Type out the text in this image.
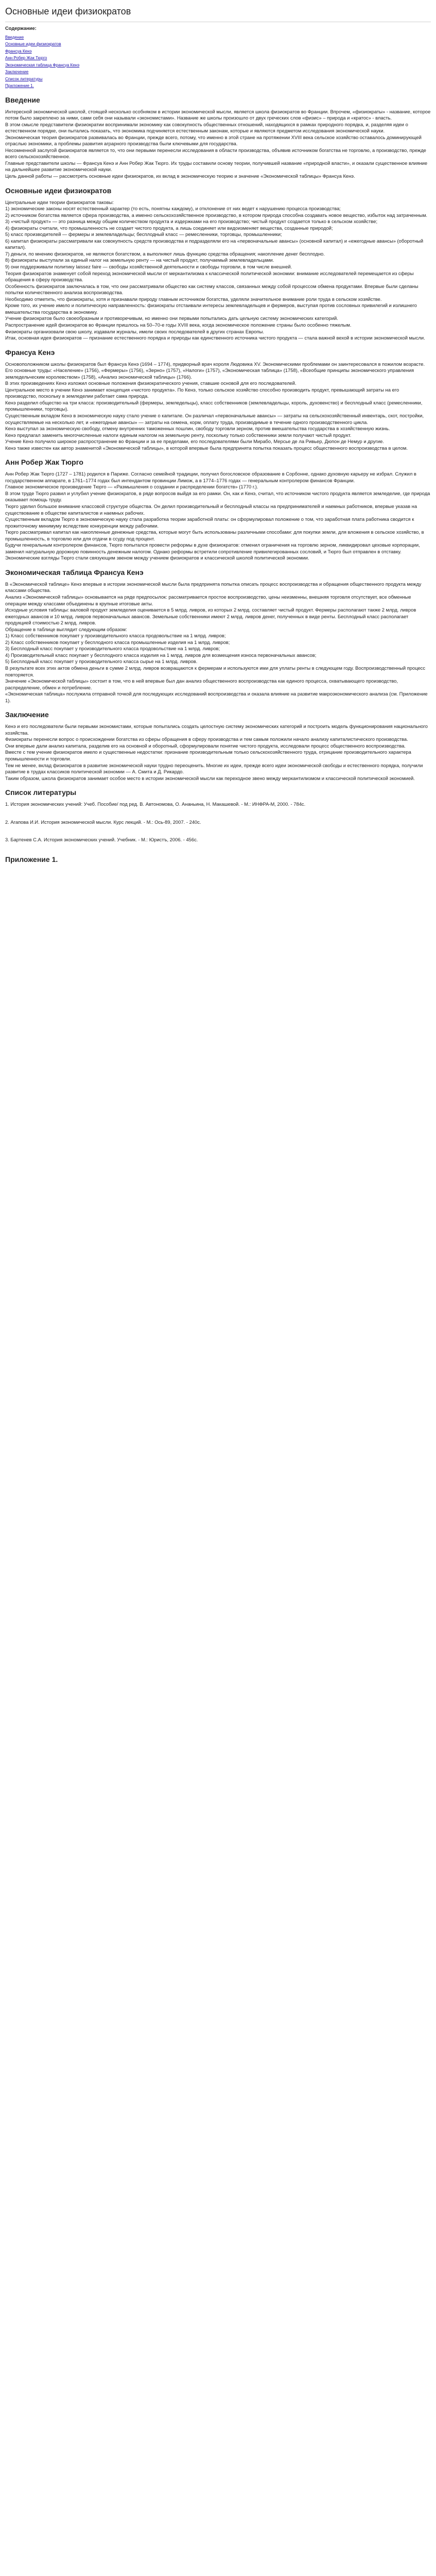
Основные идеи физиократов
Содержание:
Введение
Основные идеи физиократов
Франсуа Кенэ
Анн Робер Жак Тюрго
Экономическая таблица Франсуа Кенэ
Заключение
Список литературы
Приложение 1.
Введение

Интересной экономической школой, стоящей несколько особняком в истории экономической мысли, является школа физиократов во Франции. Впрочем, «физиократы» - название, которое потом было закреплено за ними, сами себя они называли «экономистами». Название же школы произошло от двух греческих слов «физис» – природа и «кратос» - власть.

В этом смысле представители физиократии воспринимали экономику как совокупность общественных отношений, находящихся в рамках природного порядка, и, разделяя идеи о естественном порядке, они пытались показать, что экономика подчиняется естественным законам, которые и являются предметом исследования экономической науки.

Экономическая теория физиократов развивалась во Франции, прежде всего, потому, что именно в этой стране на протяжении XVIII века сельское хозяйство оставалось доминирующей отраслью экономики, а проблемы развития аграрного производства были ключевыми для государства.

Несомненной заслугой физиократов является то, что они первыми перенесли исследования в области производства, объявив источником богатства не торговлю, а производство, прежде всего сельскохозяйственное.

Главные представители школы — Франсуа Кенэ и Анн Робер Жак Тюрго. Их труды составили основу теории, получившей название «природной власти», и оказали существенное влияние на дальнейшее развитие экономической науки.

Цель данной работы — рассмотреть основные идеи физиократов, их вклад в экономическую теорию и значение «Экономической таблицы» Франсуа Кенэ.

Основные идеи физиократов

Центральные идеи теории физиократов таковы:

1) экономические законы носят естественный характер (то есть, понятны каждому), и отклонение от них ведет к нарушению процесса производства;

2) источником богатства является сфера производства, а именно сельскохозяйственное производство, в котором природа способна создавать новое вещество, избыток над затраченным.

3) «чистый продукт» — это разница между общим количеством продукта и издержками на его производство; чистый продукт создается только в сельском хозяйстве;

4) физиократы считали, что промышленность не создает чистого продукта, а лишь соединяет или видоизменяет вещества, созданные природой;

5) класс производителей — фермеры и землевладельцы; бесплодный класс — ремесленники, торговцы, промышленники;

6) капитал физиократы рассматривали как совокупность средств производства и подразделяли его на «первоначальные авансы» (основной капитал) и «ежегодные авансы» (оборотный капитал).

7) деньги, по мнению физиократов, не являются богатством, а выполняют лишь функцию средства обращения; накопление денег бесплодно.

8) физиократы выступали за единый налог на земельную ренту — на чистый продукт, получаемый землевладельцами.

9) они поддерживали политику laissez faire — свободы хозяйственной деятельности и свободы торговли, в том числе внешней.

Теория физиократов знаменует собой переход экономической мысли от меркантилизма к классической политической экономии: внимание исследователей перемещается из сферы обращения в сферу производства.

Особенность физиократов заключалась в том, что они рассматривали общество как систему классов, связанных между собой процессом обмена продуктами. Впервые были сделаны попытки количественного анализа воспроизводства.

Необходимо отметить, что физиократы, хотя и признавали природу главным источником богатства, уделяли значительное внимание роли труда в сельском хозяйстве.

Кроме того, их учение имело и политическую направленность: физиократы отстаивали интересы землевладельцев и фермеров, выступая против сословных привилегий и излишнего вмешательства государства в экономику.

Учение физиократов было своеобразным и противоречивым, но именно они первыми попытались дать цельную систему экономических категорий.

Распространение идей физиократов во Франции пришлось на 50–70-е годы XVIII века, когда экономическое положение страны было особенно тяжелым.

Физиократы организовали свою школу, издавали журналы, имели своих последователей в других странах Европы.

Итак, основная идея физиократов — признание естественного порядка и природы как единственного источника чистого продукта — стала важной вехой в истории экономической мысли.

Франсуа Кенэ

Основоположником школы физиократов был Франсуа Кенэ (1694 – 1774), придворный врач короля Людовика XV. Экономическими проблемами он заинтересовался в пожилом возрасте.

Его основные труды: «Население» (1756), «Фермеры» (1756), «Зерно» (1757), «Налоги» (1757), «Экономическая таблица» (1758), «Всеобщие принципы экономического управления земледельческим королевством» (1758), «Анализ экономической таблицы» (1766).

В этих произведениях Кенэ изложил основные положения физиократического учения, ставшие основой для его последователей.

Центральное место в учении Кенэ занимает концепция «чистого продукта». По Кенэ, только сельское хозяйство способно производить продукт, превышающий затраты на его производство, поскольку в земледелии работает сама природа.

Кенэ разделил общество на три класса: производительный (фермеры, земледельцы), класс собственников (землевладельцы, король, духовенство) и бесплодный класс (ремесленники, промышленники, торговцы).

Существенным вкладом Кенэ в экономическую науку стало учение о капитале. Он различал «первоначальные авансы» — затраты на сельскохозяйственный инвентарь, скот, постройки, осуществляемые на несколько лет, и «ежегодные авансы» — затраты на семена, корм, оплату труда, производимые в течение одного производственного цикла.

Кенэ выступал за экономическую свободу, отмену внутренних таможенных пошлин, свободу торговли зерном, против вмешательства государства в хозяйственную жизнь.

Кенэ предлагал заменить многочисленные налоги единым налогом на земельную ренту, поскольку только собственники земли получают чистый продукт.

Учение Кенэ получило широкое распространение во Франции и за ее пределами, его последователями были Мирабо, Мерсье де ла Ривьер, Дюпон де Немур и другие.

Кенэ также известен как автор знаменитой «Экономической таблицы», в которой впервые была предпринята попытка показать процесс общественного воспроизводства в целом.

Анн Робер Жак Тюрго

Анн Робер Жак Тюрго (1727 – 1781) родился в Париже. Согласно семейной традиции, получил богословское образование в Сорбонне, однако духовную карьеру не избрал. Служил в государственном аппарате, в 1761–1774 годах был интендантом провинции Лимож, а в 1774–1776 годах — генеральным контролером финансов Франции.

Главное экономическое произведение Тюрго — «Размышления о создании и распределении богатств» (1770 г.).

В этом труде Тюрго развил и углубил учение физиократов, в ряде вопросов выйдя за его рамки. Он, как и Кенэ, считал, что источником чистого продукта является земледелие, где природа оказывает помощь труду.

Тюрго уделил большое внимание классовой структуре общества. Он делил производительный и бесплодный классы на предпринимателей и наемных работников, впервые указав на существование в обществе капиталистов и наемных рабочих.

Существенным вкладом Тюрго в экономическую науку стала разработка теории заработной платы: он сформулировал положение о том, что заработная плата работника сводится к прожиточному минимуму вследствие конкуренции между рабочими.

Тюрго рассматривал капитал как накопленные денежные средства, которые могут быть использованы различными способами: для покупки земли, для вложения в сельское хозяйство, в промышленность, в торговлю или для отдачи в ссуду под процент.

Будучи генеральным контролером финансов, Тюрго попытался провести реформы в духе физиократов: отменил ограничения на торговлю зерном, ликвидировал цеховые корпорации, заменил натуральную дорожную повинность денежным налогом. Однако реформы встретили сопротивление привилегированных сословий, и Тюрго был отправлен в отставку.

Экономические взгляды Тюрго стали связующим звеном между учением физиократов и классической школой политической экономии.

Экономическая таблица Франсуа Кенэ

В «Экономической таблице» Кенэ впервые в истории экономической мысли была предпринята попытка описать процесс воспроизводства и обращения общественного продукта между классами общества.

Анализ «Экономической таблицы» основывается на ряде предпосылок: рассматривается простое воспроизводство, цены неизменны, внешняя торговля отсутствует, все обменные операции между классами объединены в крупные итоговые акты.

Исходные условия таблицы: валовой продукт земледелия оценивается в 5 млрд. ливров, из которых 2 млрд. составляет чистый продукт. Фермеры располагают также 2 млрд. ливров ежегодных авансов и 10 млрд. ливров первоначальных авансов. Земельные собственники имеют 2 млрд. ливров денег, полученных в виде ренты. Бесплодный класс располагает продукцией стоимостью 2 млрд. ливров.

Обращение в таблице выглядит следующим образом:

1) Класс собственников покупает у производительного класса продовольствие на 1 млрд. ливров;

2) Класс собственников покупает у бесплодного класса промышленные изделия на 1 млрд. ливров;

3) Бесплодный класс покупает у производительного класса продовольствие на 1 млрд. ливров;

4) Производительный класс покупает у бесплодного класса изделия на 1 млрд. ливров для возмещения износа первоначальных авансов;

5) Бесплодный класс покупает у производительного класса сырье на 1 млрд. ливров.

В результате всех этих актов обмена деньги в сумме 2 млрд. ливров возвращаются к фермерам и используются ими для уплаты ренты в следующем году. Воспроизводственный процесс повторяется.

Значение «Экономической таблицы» состоит в том, что в ней впервые был дан анализ общественного воспроизводства как единого процесса, охватывающего производство, распределение, обмен и потребление.

«Экономическая таблица» послужила отправной точкой для последующих исследований воспроизводства и оказала влияние на развитие макроэкономического анализа (см. Приложение 1).

Заключение

Кенэ и его последователи были первыми экономистами, которые попытались создать целостную систему экономических категорий и построить модель функционирования национального хозяйства.

Физиократы перенесли вопрос о происхождении богатства из сферы обращения в сферу производства и тем самым положили начало анализу капиталистического производства.

Они впервые дали анализ капитала, разделив его на основной и оборотный, сформулировали понятие чистого продукта, исследовали процесс общественного воспроизводства.

Вместе с тем учение физиократов имело и существенные недостатки: признание производительным только сельскохозяйственного труда, отрицание производительного характера промышленности и торговли.

Тем не менее, вклад физиократов в развитие экономической науки трудно переоценить. Многие их идеи, прежде всего идеи экономической свободы и естественного порядка, получили развитие в трудах классиков политической экономии — А. Смита и Д. Рикардо.

Таким образом, школа физиократов занимает особое место в истории экономической мысли как переходное звено между меркантилизмом и классической политической экономией.

Список литературы

1. История экономических учений: Учеб. Пособие/ под ред. В. Автономова, О. Ананьина, Н. Макашевой. - М.: ИНФРА-М, 2000. - 784с.

2. Агапова И.И. История экономической мысли. Курс лекций. - М.: Ось-89, 2007. - 240с.

3. Бартенев С.А. История экономических учений. Учебник. - М.: Юристъ, 2006. - 456с.

Приложение 1.
